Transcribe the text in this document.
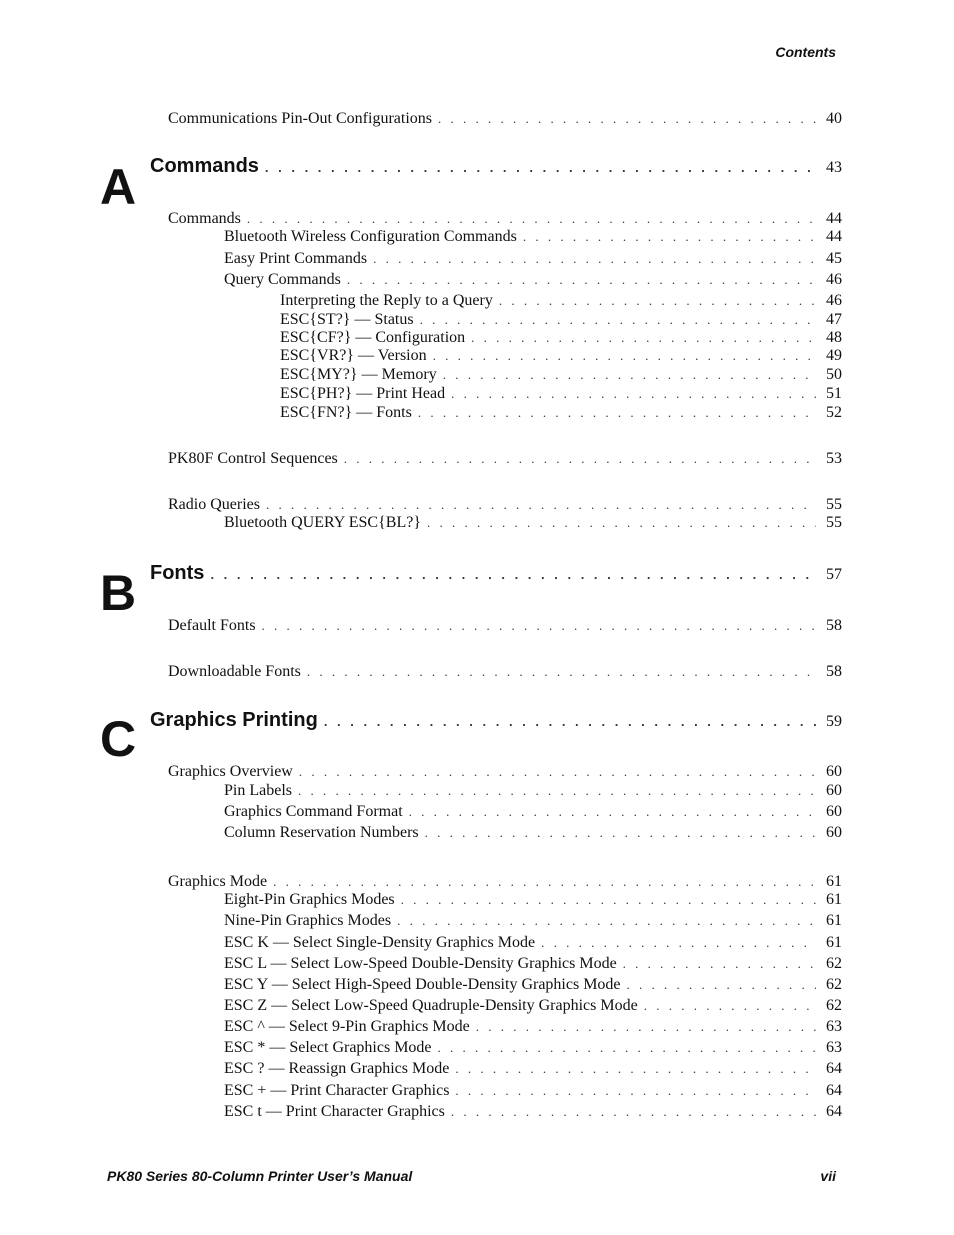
Contents
Communications Pin-Out Configurations . . .	40
A Commands . . .	43
Commands . . .	44
Bluetooth Wireless Configuration Commands . . .	44
Easy Print Commands . . .	45
Query Commands . . .	46
Interpreting the Reply to a Query . . .	46
ESC{ST?} — Status . . .	47
ESC{CF?} — Configuration . . .	48
ESC{VR?} — Version . . .	49
ESC{MY?} — Memory . . .	50
ESC{PH?} — Print Head . . .	51
ESC{FN?} — Fonts . . .	52
PK80F Control Sequences . . .	53
Radio Queries . . .	55
Bluetooth QUERY ESC{BL?} . . .	55
B Fonts . . .	57
Default Fonts . . .	58
Downloadable Fonts . . .	58
C Graphics Printing . . .	59
Graphics Overview . . .	60
Pin Labels . . .	60
Graphics Command Format . . .	60
Column Reservation Numbers . . .	60
Graphics Mode . . .	61
Eight-Pin Graphics Modes . . .	61
Nine-Pin Graphics Modes . . .	61
ESC K — Select Single-Density Graphics Mode . . .	61
ESC L — Select Low-Speed Double-Density Graphics Mode . . .	62
ESC Y — Select High-Speed Double-Density Graphics Mode . . .	62
ESC Z — Select Low-Speed Quadruple-Density Graphics Mode . . .	62
ESC ^ — Select 9-Pin Graphics Mode . . .	63
ESC * — Select Graphics Mode . . .	63
ESC ? — Reassign Graphics Mode . . .	64
ESC + — Print Character Graphics . . .	64
ESC t — Print Character Graphics . . .	64
PK80 Series 80-Column Printer User’s Manual	vii
